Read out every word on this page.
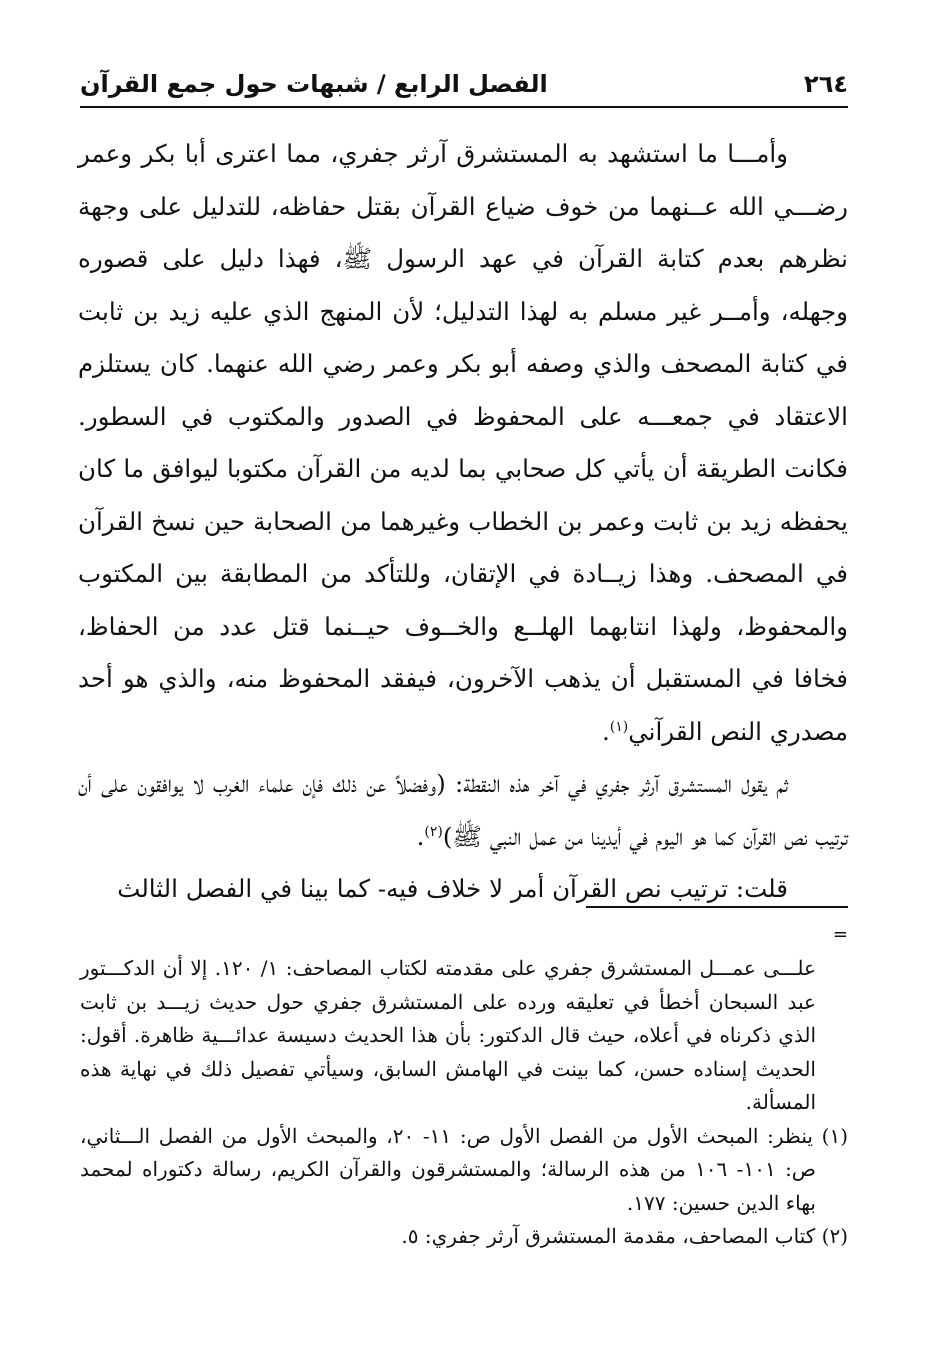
٢٦٤
الفصل الرابع / شبهات حول جمع القرآن

وأمـــا ما استشهد به المستشرق آرثر جفري، مما اعترى أبا بكر وعمر رضـــي الله عــنهما من خوف ضياع القرآن بقتل حفاظه، للتدليل على وجهة نظرهم بعدم كتابة القرآن في عهد الرسول ﷺ، فهذا دليل على قصوره وجهله، وأمــر غير مسلم به لهذا التدليل؛ لأن المنهج الذي عليه زيد بن ثابت في كتابة المصحف والذي وصفه أبو بكر وعمر رضي الله عنهما. كان يستلزم الاعتقاد في جمعـــه على المحفوظ في الصدور والمكتوب في السطور. فكانت الطريقة أن يأتي كل صحابي بما لديه من القرآن مكتوبا ليوافق ما كان يحفظه زيد بن ثابت وعمر بن الخطاب وغيرهما من الصحابة حين نسخ القرآن في المصحف. وهذا زيــادة في الإتقان، وللتأكد من المطابقة بين المكتوب والمحفوظ، ولهذا انتابهما الهلــع والخــوف حيــنما قتل عدد من الحفاظ، فخافا في المستقبل أن يذهب الآخرون، فيفقد المحفوظ منه، والذي هو أحد مصدري النص القرآني$^{(١)}$.

ثم يقول المستشرق آرثر جفري في آخر هذه النقطة: (وفضلاً عن ذلك فإن علماء الغرب لا يوافقون على أن ترتيب نص القرآن كما هو اليوم في أيدينا من عمل النبي ﷺ)$^{(٢)}$.

قلت: ترتيب نص القرآن أمر لا خلاف فيه- كما بينا في الفصل الثالث

=

علـــى عمـــل المستشرق جفري على مقدمته لكتاب المصاحف: ١/ ١٢٠. إلا أن الدكـــتور عبد السبحان أخطأ في تعليقه ورده على المستشرق جفري حول حديث زيـــد بن ثابت الذي ذكرناه في أعلاه، حيث قال الدكتور: بأن هذا الحديث دسيسة عدائـــية ظاهرة. أقول: الحديث إسناده حسن، كما بينت في الهامش السابق، وسيأتي تفصيل ذلك في نهاية هذه المسألة.

(١) ينظر: المبحث الأول من الفصل الأول ص: ١١- ٢٠، والمبحث الأول من الفصل الـــثاني، ص: ١٠١- ١٠٦ من هذه الرسالة؛ والمستشرقون والقرآن الكريم، رسالة دكتوراه لمحمد بهاء الدين حسين: ١٧٧.

(٢) كتاب المصاحف، مقدمة المستشرق آرثر جفري: ٥.
